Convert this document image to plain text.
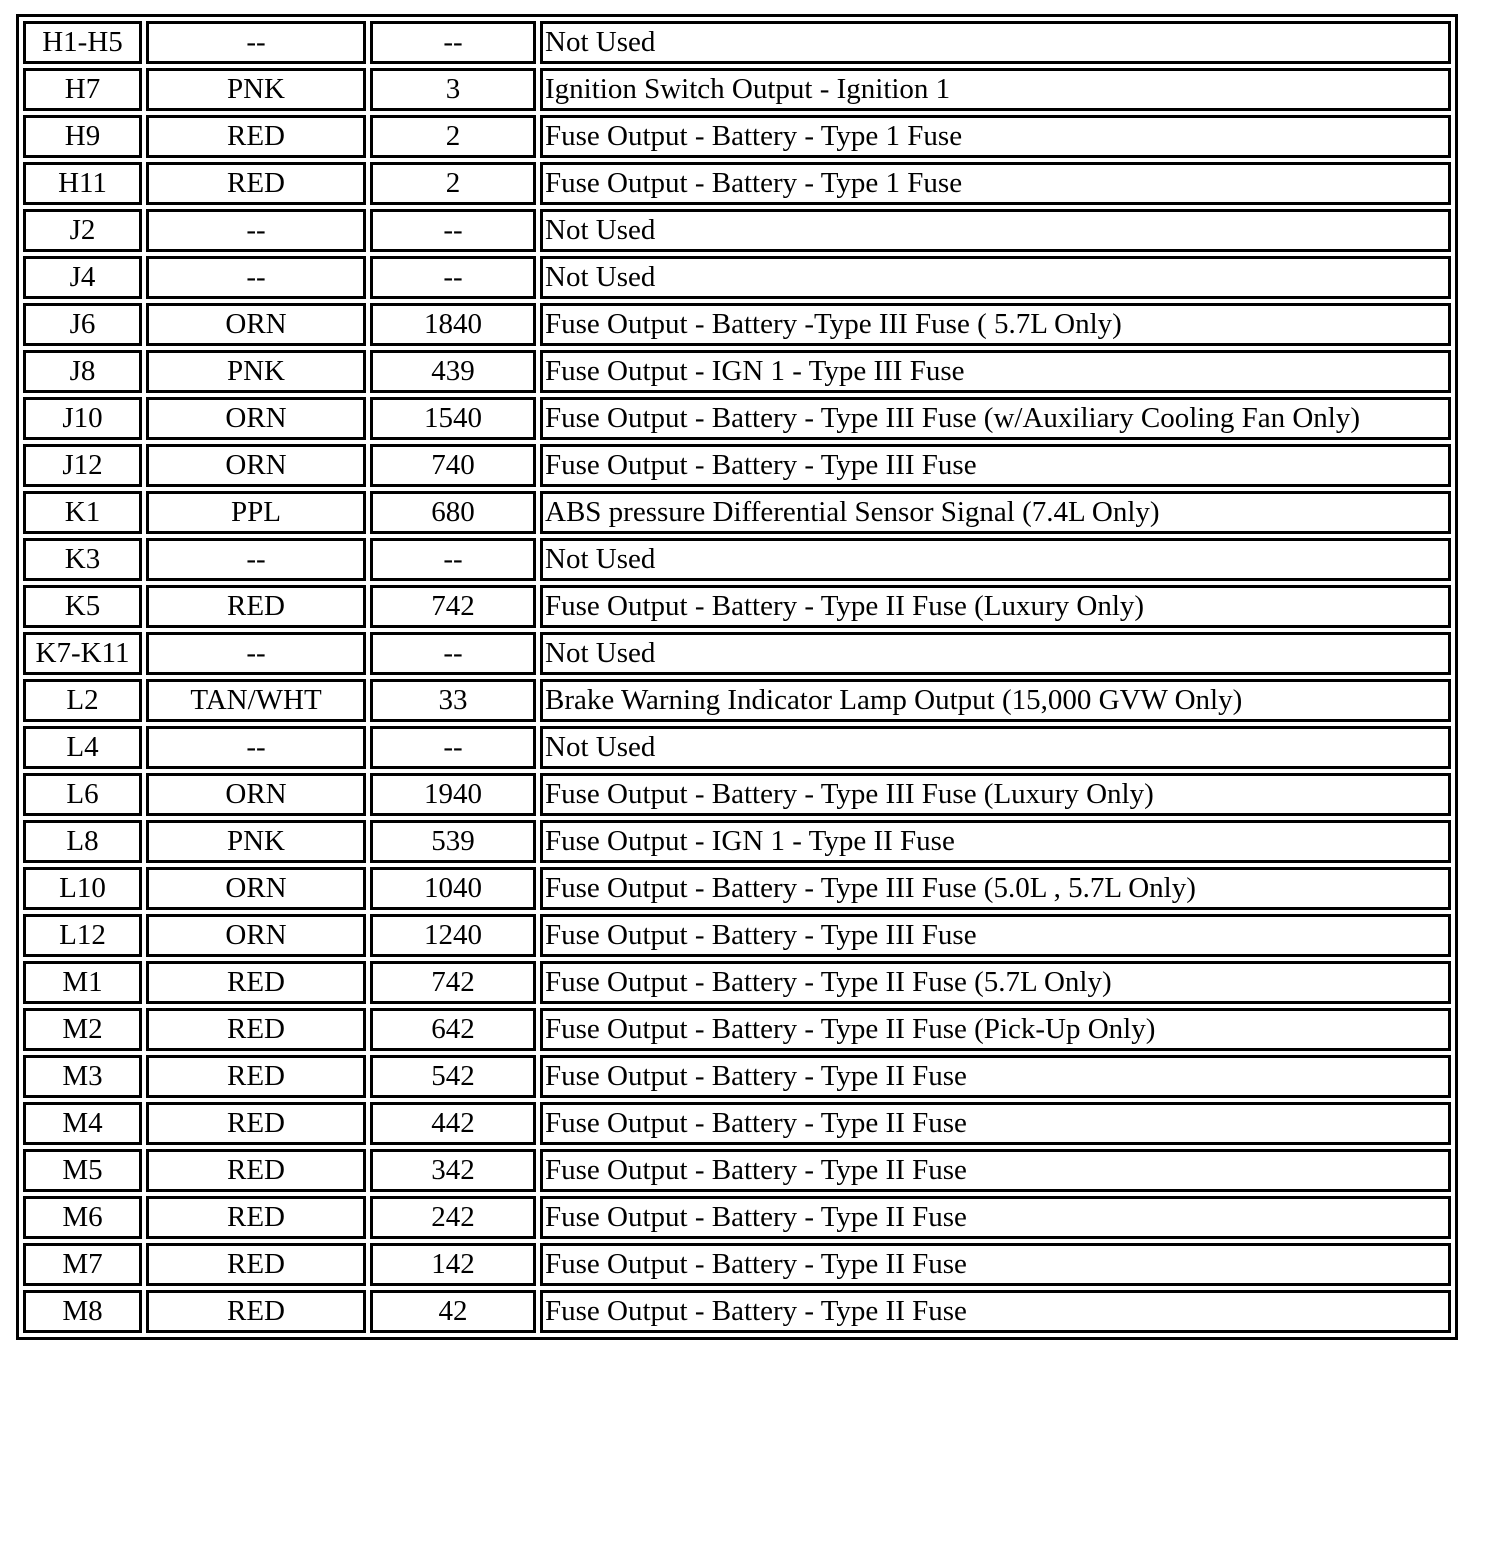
H1-H5	--	--	Not Used
H7	PNK	3	Ignition Switch Output - Ignition 1
H9	RED	2	Fuse Output - Battery - Type 1 Fuse
H11	RED	2	Fuse Output - Battery - Type 1 Fuse
J2	--	--	Not Used
J4	--	--	Not Used
J6	ORN	1840	Fuse Output - Battery -Type III Fuse ( 5.7L Only)
J8	PNK	439	Fuse Output - IGN 1 - Type III Fuse
J10	ORN	1540	Fuse Output - Battery - Type III Fuse (w/Auxiliary Cooling Fan Only)
J12	ORN	740	Fuse Output - Battery - Type III Fuse
K1	PPL	680	ABS pressure Differential Sensor Signal (7.4L Only)
K3	--	--	Not Used
K5	RED	742	Fuse Output - Battery - Type II Fuse (Luxury Only)
K7-K11	--	--	Not Used
L2	TAN/WHT	33	Brake Warning Indicator Lamp Output (15,000 GVW Only)
L4	--	--	Not Used
L6	ORN	1940	Fuse Output - Battery - Type III Fuse (Luxury Only)
L8	PNK	539	Fuse Output - IGN 1 - Type II Fuse
L10	ORN	1040	Fuse Output - Battery - Type III Fuse (5.0L , 5.7L Only)
L12	ORN	1240	Fuse Output - Battery - Type III Fuse
M1	RED	742	Fuse Output - Battery - Type II Fuse (5.7L Only)
M2	RED	642	Fuse Output - Battery - Type II Fuse (Pick-Up Only)
M3	RED	542	Fuse Output - Battery - Type II Fuse
M4	RED	442	Fuse Output - Battery - Type II Fuse
M5	RED	342	Fuse Output - Battery - Type II Fuse
M6	RED	242	Fuse Output - Battery - Type II Fuse
M7	RED	142	Fuse Output - Battery - Type II Fuse
M8	RED	42	Fuse Output - Battery - Type II Fuse
